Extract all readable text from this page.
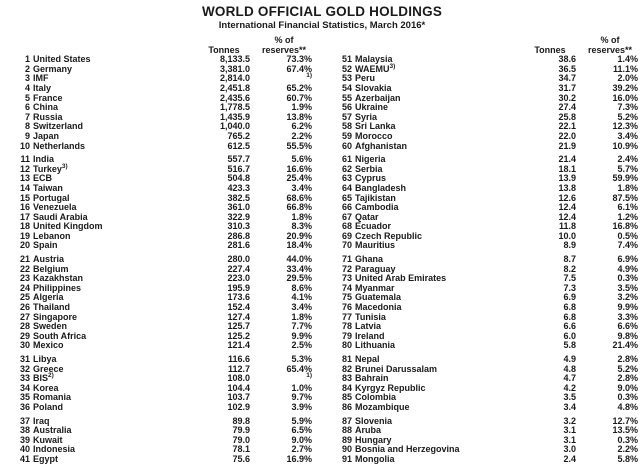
WORLD OFFICIAL GOLD HOLDINGS
International Financial Statistics, March 2016*
			% of
		Tonnes	reserves**
1	United States	8,133.5	73.3%
2	Germany	3,381.0	67.4%
3	IMF	2,814.0	$^{1)}$
4	Italy	2,451.8	65.2%
5	France	2,435.6	60.7%
6	China	1,778.5	1.9%
7	Russia	1,435.9	13.8%
8	Switzerland	1,040.0	6.2%
9	Japan	765.2	2.2%
10	Netherlands	612.5	55.5%

11	India	557.7	5.6%
12	Turkey$^{3)}$	516.7	16.6%
13	ECB	504.8	25.4%
14	Taiwan	423.3	3.4%
15	Portugal	382.5	68.6%
16	Venezuela	361.0	66.8%
17	Saudi Arabia	322.9	1.8%
18	United Kingdom	310.3	8.3%
19	Lebanon	286.8	20.9%
20	Spain	281.6	18.4%

21	Austria	280.0	44.0%
22	Belgium	227.4	33.4%
23	Kazakhstan	223.0	29.5%
24	Philippines	195.9	8.6%
25	Algeria	173.6	4.1%
26	Thailand	152.4	3.4%
27	Singapore	127.4	1.8%
28	Sweden	125.7	7.7%
29	South Africa	125.2	9.9%
30	Mexico	121.4	2.5%

31	Libya	116.6	5.3%
32	Greece	112.7	65.4%
33	BIS$^{2)}$	108.0	$^{1)}$
34	Korea	104.4	1.0%
35	Romania	103.7	9.7%
36	Poland	102.9	3.9%

37	Iraq	89.8	5.9%
38	Australia	79.9	6.5%
39	Kuwait	79.0	9.0%
40	Indonesia	78.1	2.7%
41	Egypt	75.6	16.9%
			% of
		Tonnes	reserves**
51	Malaysia	38.6	1.4%
52	WAEMU$^{3)}$	36.5	11.1%
53	Peru	34.7	2.0%
54	Slovakia	31.7	39.2%
55	Azerbaijan	30.2	16.0%
56	Ukraine	27.4	7.3%
57	Syria	25.8	5.2%
58	Sri Lanka	22.1	12.3%
59	Morocco	22.0	3.4%
60	Afghanistan	21.9	10.9%

61	Nigeria	21.4	2.4%
62	Serbia	18.1	5.7%
63	Cyprus	13.9	59.9%
64	Bangladesh	13.8	1.8%
65	Tajikistan	12.6	87.5%
66	Cambodia	12.4	6.1%
67	Qatar	12.4	1.2%
68	Ecuador	11.8	16.8%
69	Czech Republic	10.0	0.5%
70	Mauritius	8.9	7.4%

71	Ghana	8.7	6.9%
72	Paraguay	8.2	4.9%
73	United Arab Emirates	7.5	0.3%
74	Myanmar	7.3	3.5%
75	Guatemala	6.9	3.2%
76	Macedonia	6.8	9.9%
77	Tunisia	6.8	3.3%
78	Latvia	6.6	6.6%
79	Ireland	6.0	9.8%
80	Lithuania	5.8	21.4%

81	Nepal	4.9	2.8%
82	Brunei Darussalam	4.8	5.2%
83	Bahrain	4.7	2.8%
84	Kyrgyz Republic	4.2	9.0%
85	Colombia	3.5	0.3%
86	Mozambique	3.4	4.8%

87	Slovenia	3.2	12.7%
88	Aruba	3.1	13.5%
89	Hungary	3.1	0.3%
90	Bosnia and Herzegovina	3.0	2.2%
91	Mongolia	2.4	5.8%
